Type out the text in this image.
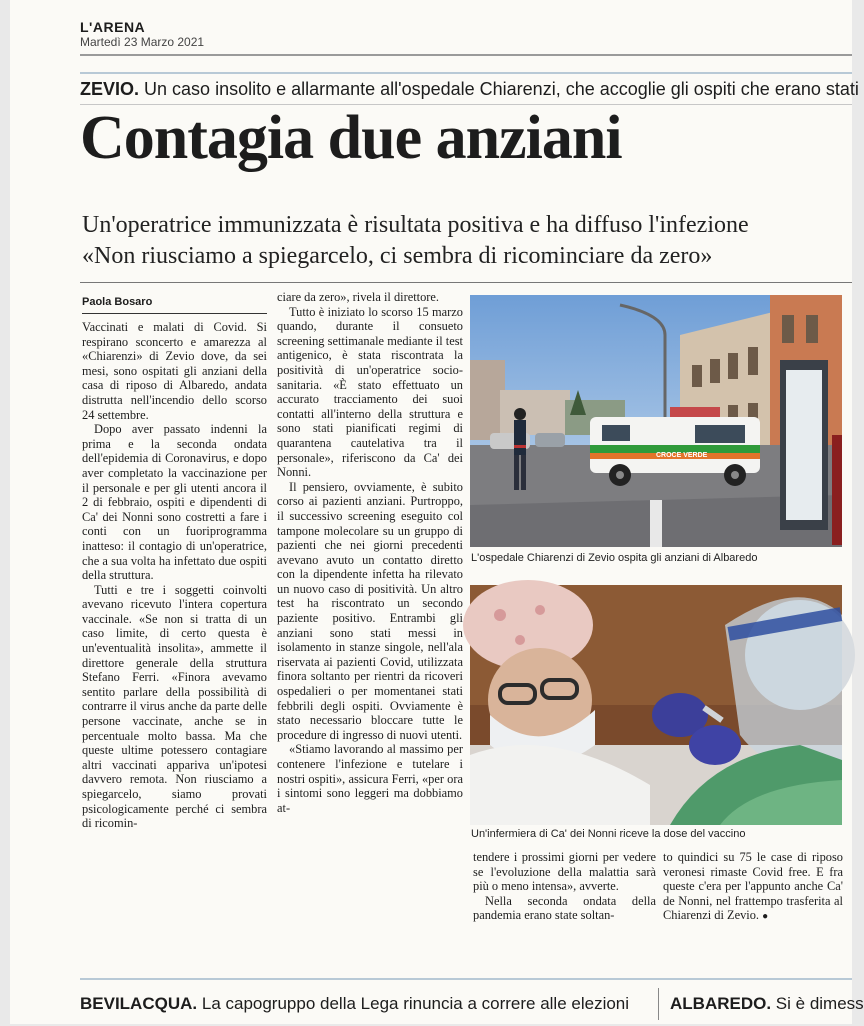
L'ARENA
Martedì 23 Marzo 2021
ZEVIO. Un caso insolito e allarmante all'ospedale Chiarenzi, che accoglie gli ospiti che erano stati
Contagia due anziani
Un'operatrice immunizzata è risultata positiva e ha diffuso l'infezione
«Non riusciamo a spiegarcelo, ci sembra di ricominciare da zero»
Paola Bosaro

Vaccinati e malati di Covid. Si respirano sconcerto e amarezza al «Chiarenzi» di Zevio dove, da sei mesi, sono ospitati gli anziani della casa di riposo di Albaredo, andata distrutta nell'incendio dello scorso 24 settembre.

Dopo aver passato indenni la prima e la seconda ondata dell'epidemia di Coronavirus, e dopo aver completato la vaccinazione per il personale e per gli utenti ancora il 2 di febbraio, ospiti e dipendenti di Ca' dei Nonni sono costretti a fare i conti con un fuoriprogramma inatteso: il contagio di un'operatrice, che a sua volta ha infettato due ospiti della struttura.

Tutti e tre i soggetti coinvolti avevano ricevuto l'intera copertura vaccinale. «Se non si tratta di un caso limite, di certo questa è un'eventualità insolita», ammette il direttore generale della struttura Stefano Ferri. «Finora avevamo sentito parlare della possibilità di contrarre il virus anche da parte delle persone vaccinate, anche se in percentuale molto bassa. Ma che queste ultime potessero contagiare altri vaccinati appariva un'ipotesi davvero remota. Non riusciamo a spiegarcelo, siamo provati psicologicamente perché ci sembra di ricomin-

ciare da zero», rivela il direttore.

Tutto è iniziato lo scorso 15 marzo quando, durante il consueto screening settimanale mediante il test antigenico, è stata riscontrata la positività di un'operatrice socio-sanitaria. «È stato effettuato un accurato tracciamento dei suoi contatti all'interno della struttura e sono stati pianificati regimi di quarantena cautelativa tra il personale», riferiscono da Ca' dei Nonni.

Il pensiero, ovviamente, è subito corso ai pazienti anziani. Purtroppo, il successivo screening eseguito col tampone molecolare su un gruppo di pazienti che nei giorni precedenti avevano avuto un contatto diretto con la dipendente infetta ha rilevato un nuovo caso di positività. Un altro test ha riscontrato un secondo paziente positivo. Entrambi gli anziani sono stati messi in isolamento in stanze singole, nell'ala riservata ai pazienti Covid, utilizzata finora soltanto per rientri da ricoveri ospedalieri o per momentanei stati febbrili degli ospiti. Ovviamente è stato necessario bloccare tutte le procedure di ingresso di nuovi utenti.

«Stiamo lavorando al massimo per contenere l'infezione e tutelare i nostri ospiti», assicura Ferri, «per ora i sintomi sono leggeri ma dobbiamo at-

CROCE VERDE
L'ospedale Chiarenzi di Zevio ospita gli anziani di Albaredo
Un'infermiera di Ca' dei Nonni riceve la dose del vaccino

tendere i prossimi giorni per vedere se l'evoluzione della malattia sarà più o meno intensa», avverte.

Nella seconda ondata della pandemia erano state soltan-

to quindici su 75 le case di riposo veronesi rimaste Covid free. E fra queste c'era per l'appunto anche Ca' de Nonni, nel frattempo trasferita al Chiarenzi di Zevio. ●

BEVILACQUA. La capogruppo della Lega rinuncia a correre alle elezioni ALBAREDO. Si è dimess
